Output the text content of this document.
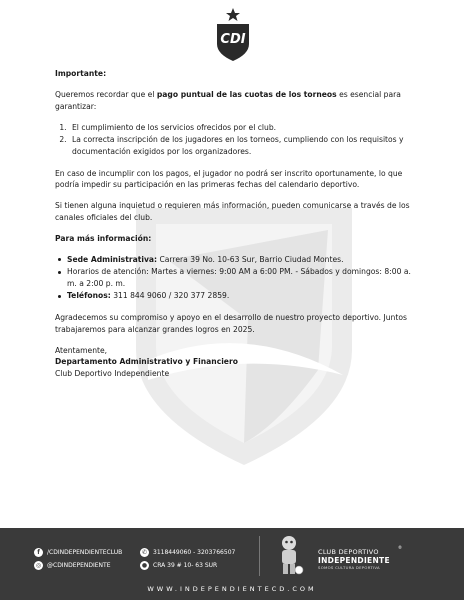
CDI

Importante:

Queremos recordar que el pago puntual de las cuotas de los torneos es esencial para garantizar:

1. El cumplimiento de los servicios ofrecidos por el club.
2. La correcta inscripción de los jugadores en los torneos, cumpliendo con los requisitos y documentación exigidos por los organizadores.

En caso de incumplir con los pagos, el jugador no podrá ser inscrito oportunamente, lo que podría impedir su participación en las primeras fechas del calendario deportivo.

Si tienen alguna inquietud o requieren más información, pueden comunicarse a través de los canales oficiales del club.

Para más información:

Sede Administrativa: Carrera 39 No. 10-63 Sur, Barrio Ciudad Montes.
Horarios de atención: Martes a viernes: 9:00 AM a 6:00 PM. - Sábados y domingos: 8:00 a. m. a 2:00 p. m.
Teléfonos: 311 844 9060 / 320 377 2859.

Agradecemos su compromiso y apoyo en el desarrollo de nuestro proyecto deportivo. Juntos trabajaremos para alcanzar grandes logros en 2025.

Atentamente,

Departamento Administrativo y Financiero

Club Deportivo Independiente

f	/CDINDEPENDIENTECLUB
◎ @CDINDEPENDIENTE
✆ 3118449060 - 3203766507
● CRA 39 # 10- 63 SUR
CLUB DEPORTIVO
INDEPENDIENTE
SOMOS CULTURA DEPORTIVA
®
WWW.INDEPENDIENTECD.COM
